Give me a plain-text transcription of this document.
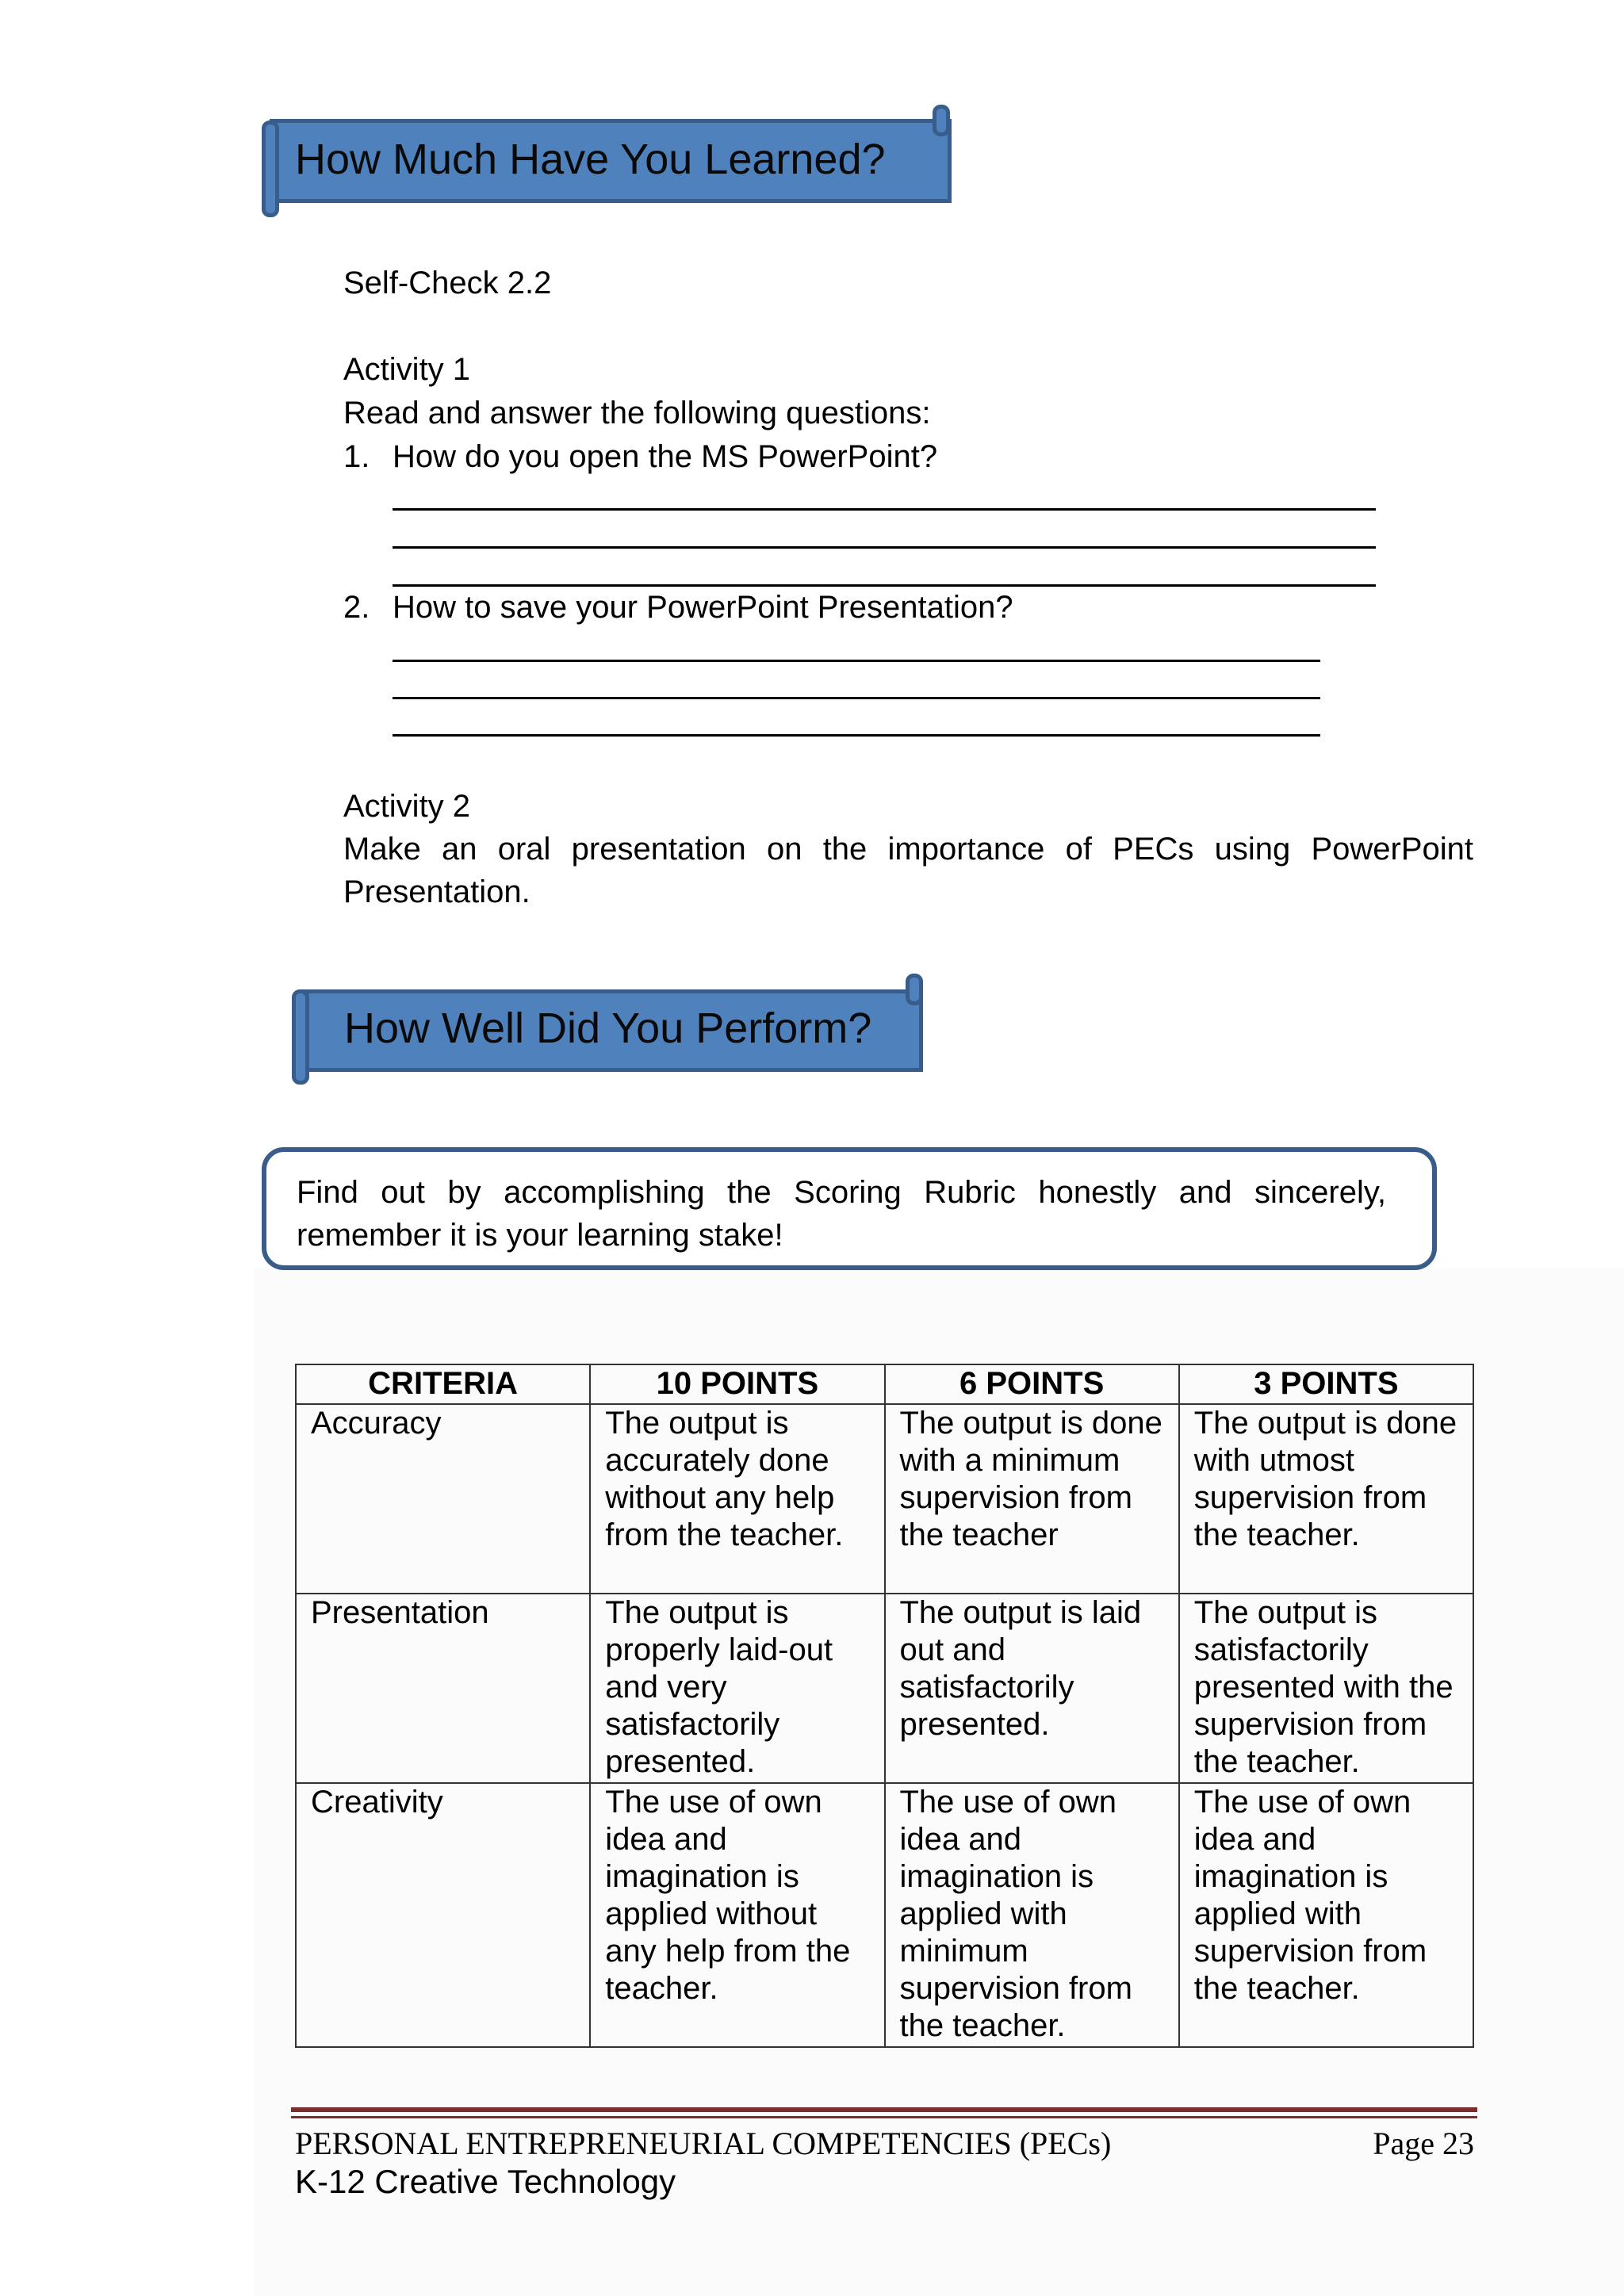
How Much Have You Learned?
Self-Check 2.2
Activity 1
Read and answer the following questions:
1. How do you open the MS PowerPoint?
2. How to save your PowerPoint Presentation?
Activity 2
Make an oral presentation on the importance of PECs using PowerPoint
Presentation.
How Well Did You Perform?
Find out by accomplishing the Scoring Rubric honestly and sincerely,
remember it is your learning stake!
CRITERIA	10 POINTS	6 POINTS	3 POINTS
Accuracy	The output is accurately done without any help from the teacher.	The output is done with a minimum supervision from the teacher	The output is done with utmost supervision from the teacher.
Presentation	The output is properly laid-out and very satisfactorily presented.	The output is laid out and satisfactorily presented.	The output is satisfactorily presented with the supervision from the teacher.
Creativity	The use of own idea and imagination is applied without any help from the teacher.	The use of own idea and imagination is applied with minimum supervision from the teacher.	The use of own idea and imagination is applied with supervision from the teacher.
PERSONAL ENTREPRENEURIAL COMPETENCIES (PECs)	Page 23
K-12 Creative Technology
